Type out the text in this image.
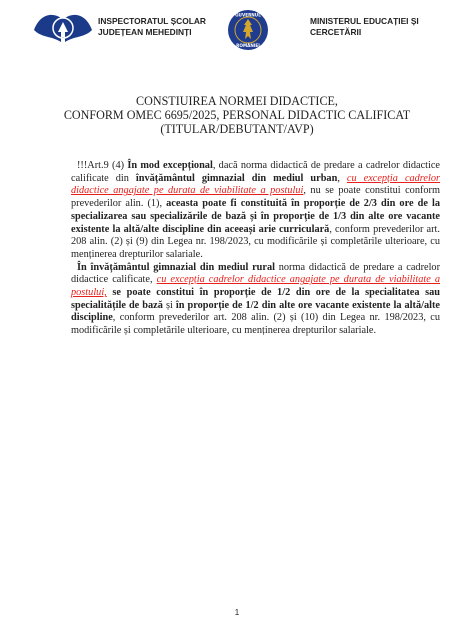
INSPECTORATUL ȘCOLAR
JUDEȚEAN MEHEDINȚI
GUVERNUL
ROMÂNIEI
MINISTERUL EDUCAȚIEI ȘI
CERCETĂRII
CONSTIUIREA NORMEI DIDACTICE,
CONFORM OMEC 6695/2025, PERSONAL DIDACTIC CALIFICAT
(TITULAR/DEBUTANT/AVP)

!!!Art.9 (4) În mod excepțional, dacă norma didactică de predare a cadrelor didactice calificate din învățământul gimnazial din mediul urban, cu excepția cadrelor didactice angajate pe durata de viabilitate a postului, nu se poate constitui conform prevederilor alin. (1), aceasta poate fi constituită în proporție de 2/3 din ore de la specializarea sau specializările de bază și în proporție de 1/3 din alte ore vacante existente la altă/alte discipline din aceeași arie curriculară, conform prevederilor art. 208 alin. (2) și (9) din Legea nr. 198/2023, cu modificările și completările ulterioare, cu menținerea drepturilor salariale.

În învățământul gimnazial din mediul rural norma didactică de predare a cadrelor didactice calificate, cu excepția cadrelor didactice angajate pe durata de viabilitate a postului, se poate constitui în proporție de 1/2 din ore de la specialitatea sau specialitățile de bază și în proporție de 1/2 din alte ore vacante existente la altă/alte discipline, conform prevederilor art. 208 alin. (2) și (10) din Legea nr. 198/2023, cu modificările și completările ulterioare, cu menținerea drepturilor salariale.

1
